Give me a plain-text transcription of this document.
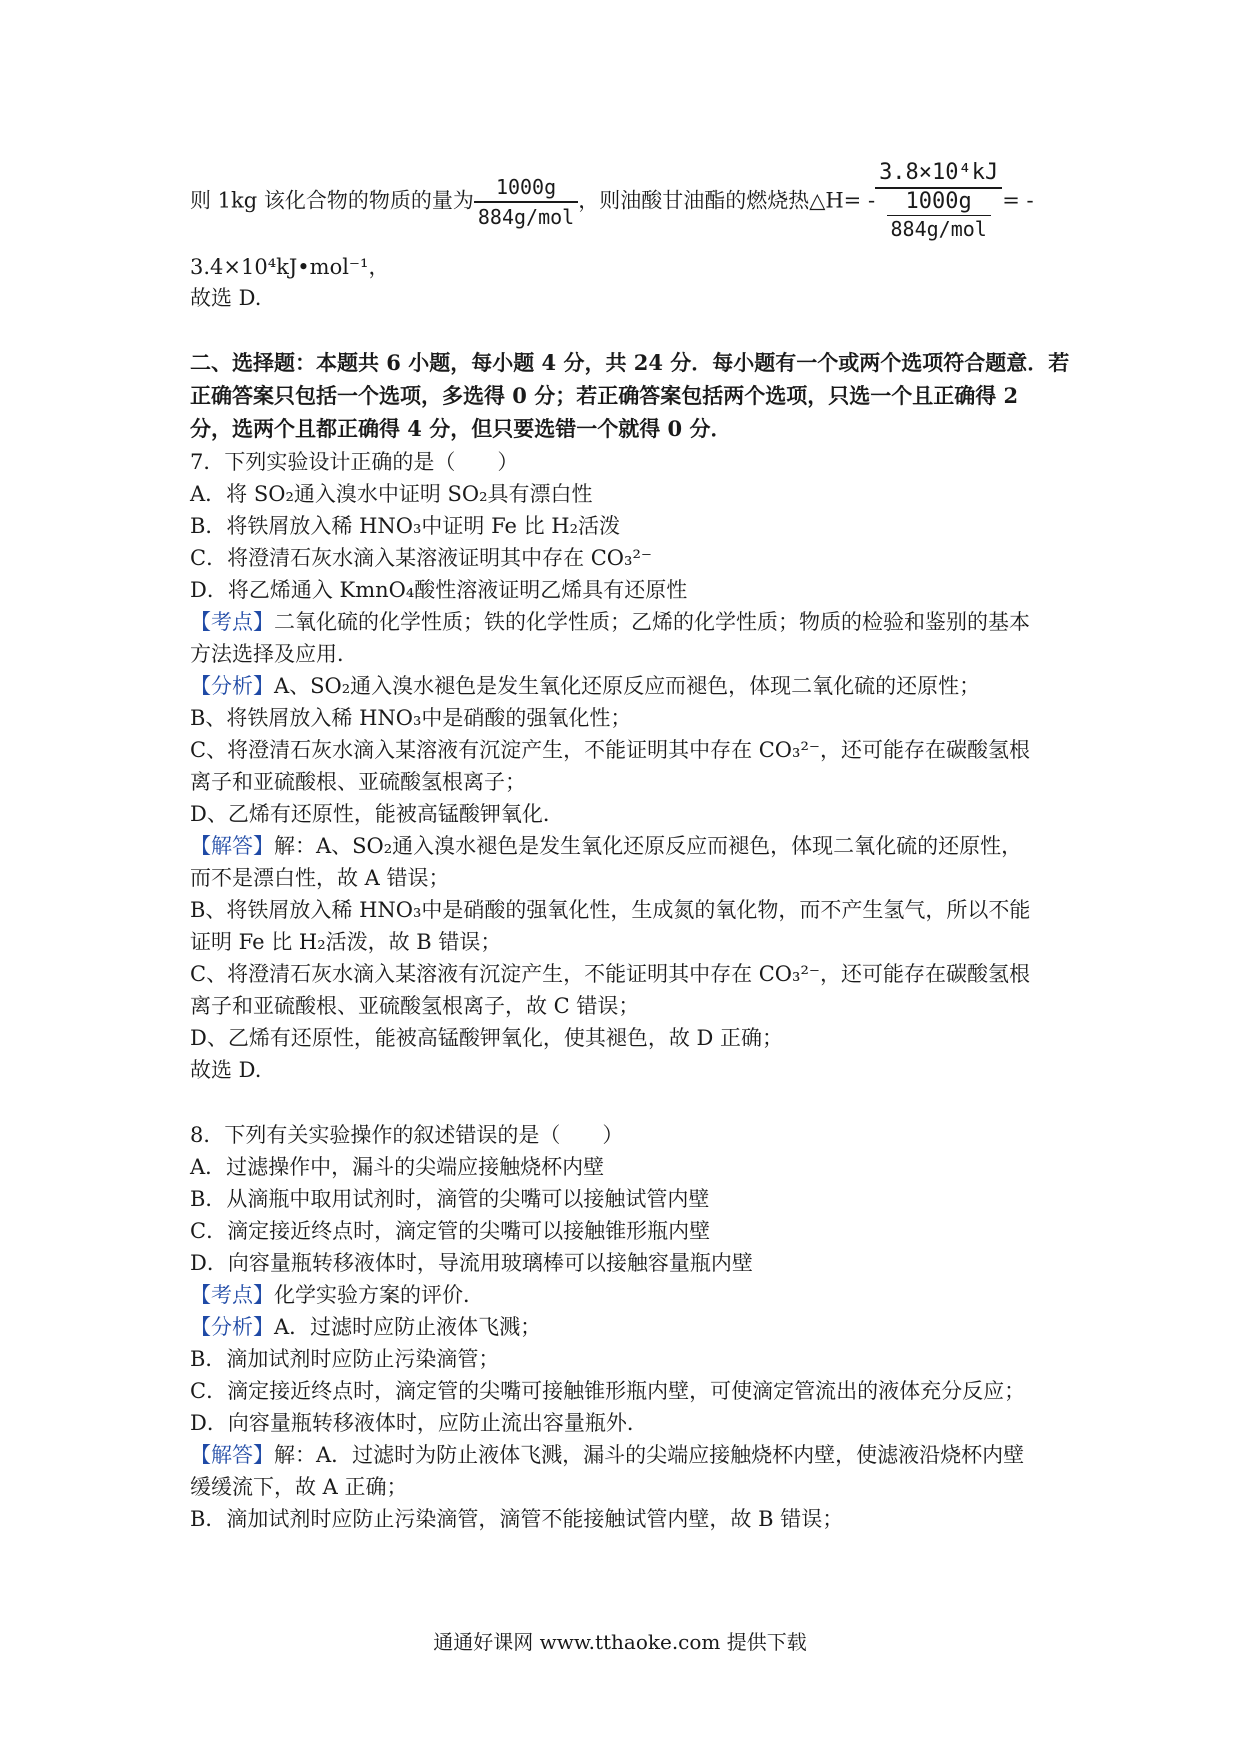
则 1kg 该化合物的物质的量为 $\frac{1000g}{\text{884g/mol}}$ ，则油酸甘油酯的燃烧热△H= - $\frac{\text{3.8×10⁴kJ}}{\frac{1000g}{\text{884g/mol}}}$ = -
3.4×10⁴kJ•mol⁻¹，
故选 D.
二、选择题：本题共 6 小题，每小题 4 分，共 24 分．每小题有一个或两个选项符合题意．若
正确答案只包括一个选项，多选得 0 分；若正确答案包括两个选项，只选一个且正确得 2
分，选两个且都正确得 4 分，但只要选错一个就得 0 分．
7．下列实验设计正确的是（　　）
A．将 SO₂通入溴水中证明 SO₂具有漂白性
B．将铁屑放入稀 HNO₃中证明 Fe 比 H₂活泼
C．将澄清石灰水滴入某溶液证明其中存在 CO₃²⁻
D．将乙烯通入 KmnO₄酸性溶液证明乙烯具有还原性
【考点】二氧化硫的化学性质；铁的化学性质；乙烯的化学性质；物质的检验和鉴别的基本
方法选择及应用．
【分析】A、SO₂通入溴水褪色是发生氧化还原反应而褪色，体现二氧化硫的还原性；
B、将铁屑放入稀 HNO₃中是硝酸的强氧化性；
C、将澄清石灰水滴入某溶液有沉淀产生，不能证明其中存在 CO₃²⁻，还可能存在碳酸氢根
离子和亚硫酸根、亚硫酸氢根离子；
D、乙烯有还原性，能被高锰酸钾氧化．
【解答】解：A、SO₂通入溴水褪色是发生氧化还原反应而褪色，体现二氧化硫的还原性，
而不是漂白性，故 A 错误；
B、将铁屑放入稀 HNO₃中是硝酸的强氧化性，生成氮的氧化物，而不产生氢气，所以不能
证明 Fe 比 H₂活泼，故 B 错误；
C、将澄清石灰水滴入某溶液有沉淀产生，不能证明其中存在 CO₃²⁻，还可能存在碳酸氢根
离子和亚硫酸根、亚硫酸氢根离子，故 C 错误；
D、乙烯有还原性，能被高锰酸钾氧化，使其褪色，故 D 正确；
故选 D.
8．下列有关实验操作的叙述错误的是（　　）
A．过滤操作中，漏斗的尖端应接触烧杯内壁
B．从滴瓶中取用试剂时，滴管的尖嘴可以接触试管内壁
C．滴定接近终点时，滴定管的尖嘴可以接触锥形瓶内壁
D．向容量瓶转移液体时，导流用玻璃棒可以接触容量瓶内壁
【考点】化学实验方案的评价．
【分析】A．过滤时应防止液体飞溅；
B．滴加试剂时应防止污染滴管；
C．滴定接近终点时，滴定管的尖嘴可接触锥形瓶内壁，可使滴定管流出的液体充分反应；
D．向容量瓶转移液体时，应防止流出容量瓶外．
【解答】解：A．过滤时为防止液体飞溅，漏斗的尖端应接触烧杯内壁，使滤液沿烧杯内壁
缓缓流下，故 A 正确；
B．滴加试剂时应防止污染滴管，滴管不能接触试管内壁，故 B 错误；
通通好课网 www.tthaoke.com 提供下载
